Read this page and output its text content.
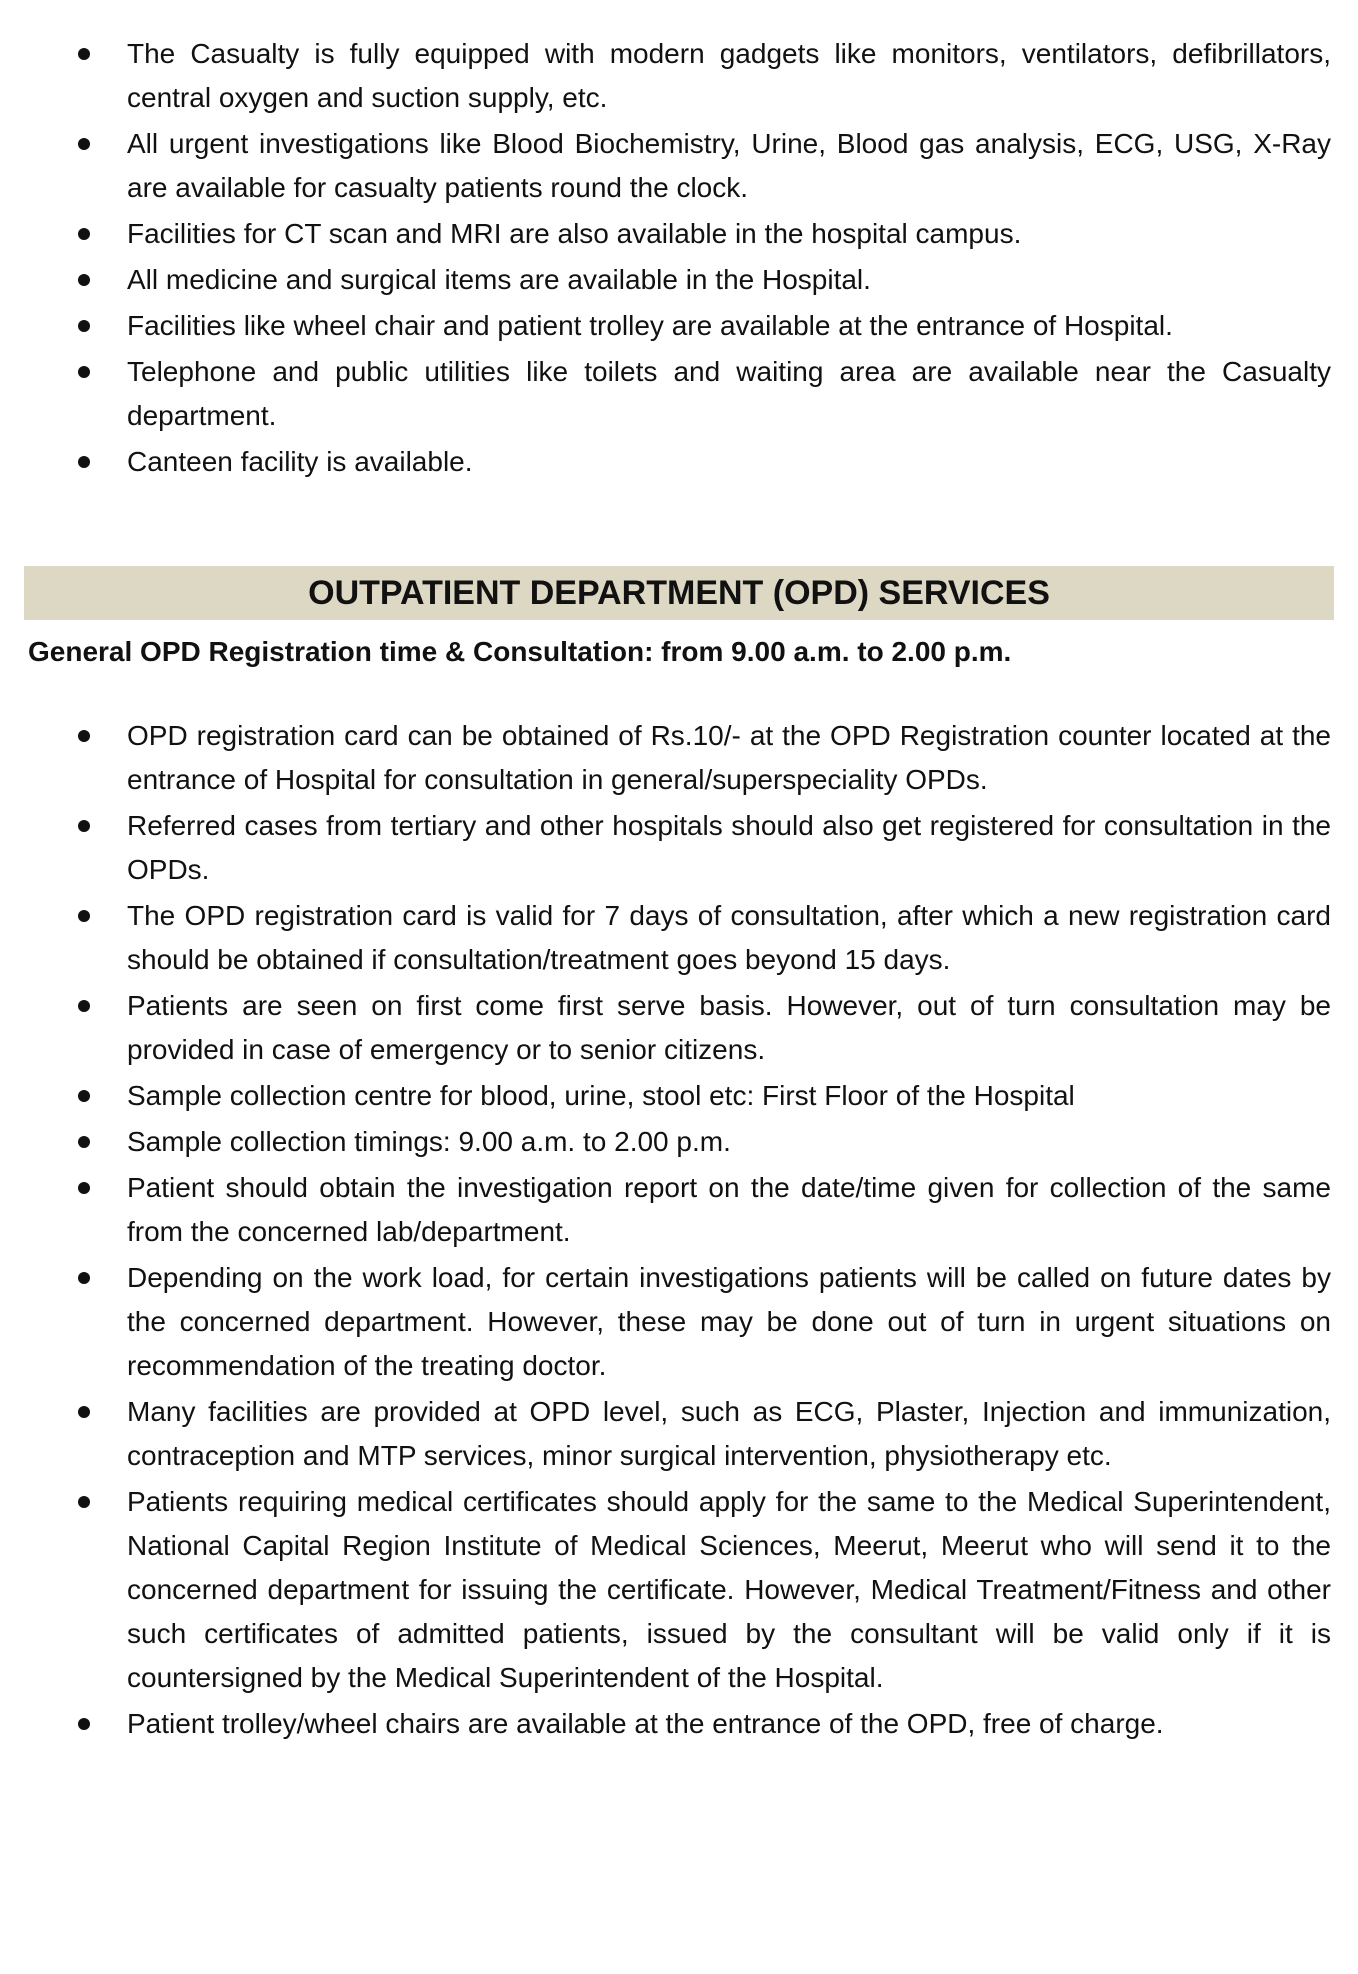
The Casualty is fully equipped with modern gadgets like monitors, ventilators, defibrillators, central oxygen and suction supply, etc.
All urgent investigations like Blood Biochemistry, Urine, Blood gas analysis, ECG, USG, X-Ray are available for casualty patients round the clock.
Facilities for CT scan and MRI are also available in the hospital campus.
All medicine and surgical items are available in the Hospital.
Facilities like wheel chair and patient trolley are available at the entrance of Hospital.
Telephone and public utilities like toilets and waiting area are available near the Casualty department.
Canteen facility is available.
OUTPATIENT DEPARTMENT (OPD) SERVICES
General OPD Registration time & Consultation: from 9.00 a.m. to 2.00 p.m.
OPD registration card can be obtained of Rs.10/- at the OPD Registration counter located at the entrance of Hospital for consultation in general/superspeciality OPDs.
Referred cases from tertiary and other hospitals should also get registered for consultation in the OPDs.
The OPD registration card is valid for 7 days of consultation, after which a new registration card should be obtained if consultation/treatment goes beyond 15 days.
Patients are seen on first come first serve basis. However, out of turn consultation may be provided in case of emergency or to senior citizens.
Sample collection centre for blood, urine, stool etc: First Floor of the Hospital
Sample collection timings: 9.00 a.m. to 2.00 p.m.
Patient should obtain the investigation report on the date/time given for collection of the same from the concerned lab/department.
Depending on the work load, for certain investigations patients will be called on future dates by the concerned department. However, these may be done out of turn in urgent situations on recommendation of the treating doctor.
Many facilities are provided at OPD level, such as ECG, Plaster, Injection and immunization, contraception and MTP services, minor surgical intervention, physiotherapy etc.
Patients requiring medical certificates should apply for the same to the Medical Superintendent, National Capital Region Institute of Medical Sciences, Meerut, Meerut who will send it to the concerned department for issuing the certificate. However, Medical Treatment/Fitness and other such certificates of admitted patients, issued by the consultant will be valid only if it is countersigned by the Medical Superintendent of the Hospital.
Patient trolley/wheel chairs are available at the entrance of the OPD, free of charge.
